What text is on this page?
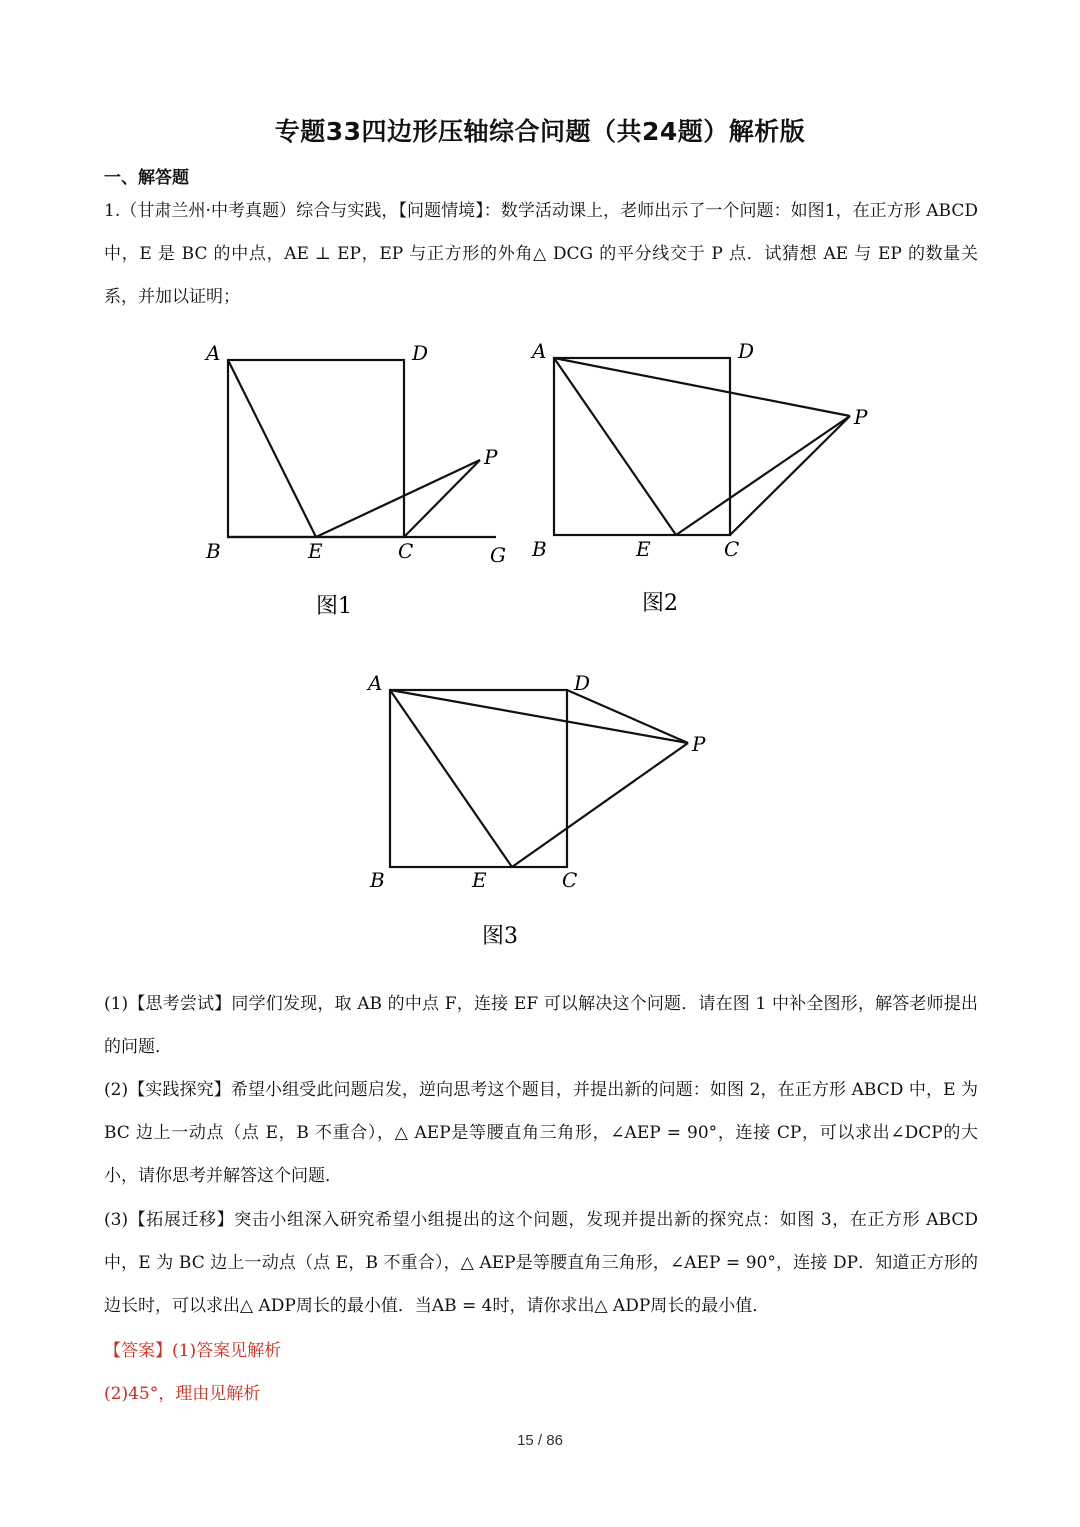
专题33四边形压轴综合问题（共24题）解析版
一、解答题
1.（甘肃兰州·中考真题）综合与实践，【问题情境】：数学活动课上，老师出示了一个问题：如图1，在正方形 ABCD 中，E 是 BC 的中点，AE ⊥ EP，EP 与正方形的外角△ DCG 的平分线交于 P 点．试猜想 AE 与 EP 的数量关系，并加以证明；
A	D
B	E	C	G
P
图1
A	D
B	E	C
P
图2
A	D
B	E	C
P
图3
(1)【思考尝试】同学们发现，取 AB 的中点 F，连接 EF 可以解决这个问题．请在图 1 中补全图形，解答老师提出的问题．
(2)【实践探究】希望小组受此问题启发，逆向思考这个题目，并提出新的问题：如图 2，在正方形 ABCD 中，E 为 BC 边上一动点（点 E，B 不重合），△ AEP是等腰直角三角形，∠AEP = 90°，连接 CP，可以求出∠DCP的大小，请你思考并解答这个问题．
(3)【拓展迁移】突击小组深入研究希望小组提出的这个问题，发现并提出新的探究点：如图 3，在正方形 ABCD 中，E 为 BC 边上一动点（点 E，B 不重合），△ AEP是等腰直角三角形，∠AEP = 90°，连接 DP．知道正方形的边长时，可以求出△ ADP周长的最小值．当AB = 4时，请你求出△ ADP周长的最小值．
【答案】(1)答案见解析
(2)45°，理由见解析
15 / 86
